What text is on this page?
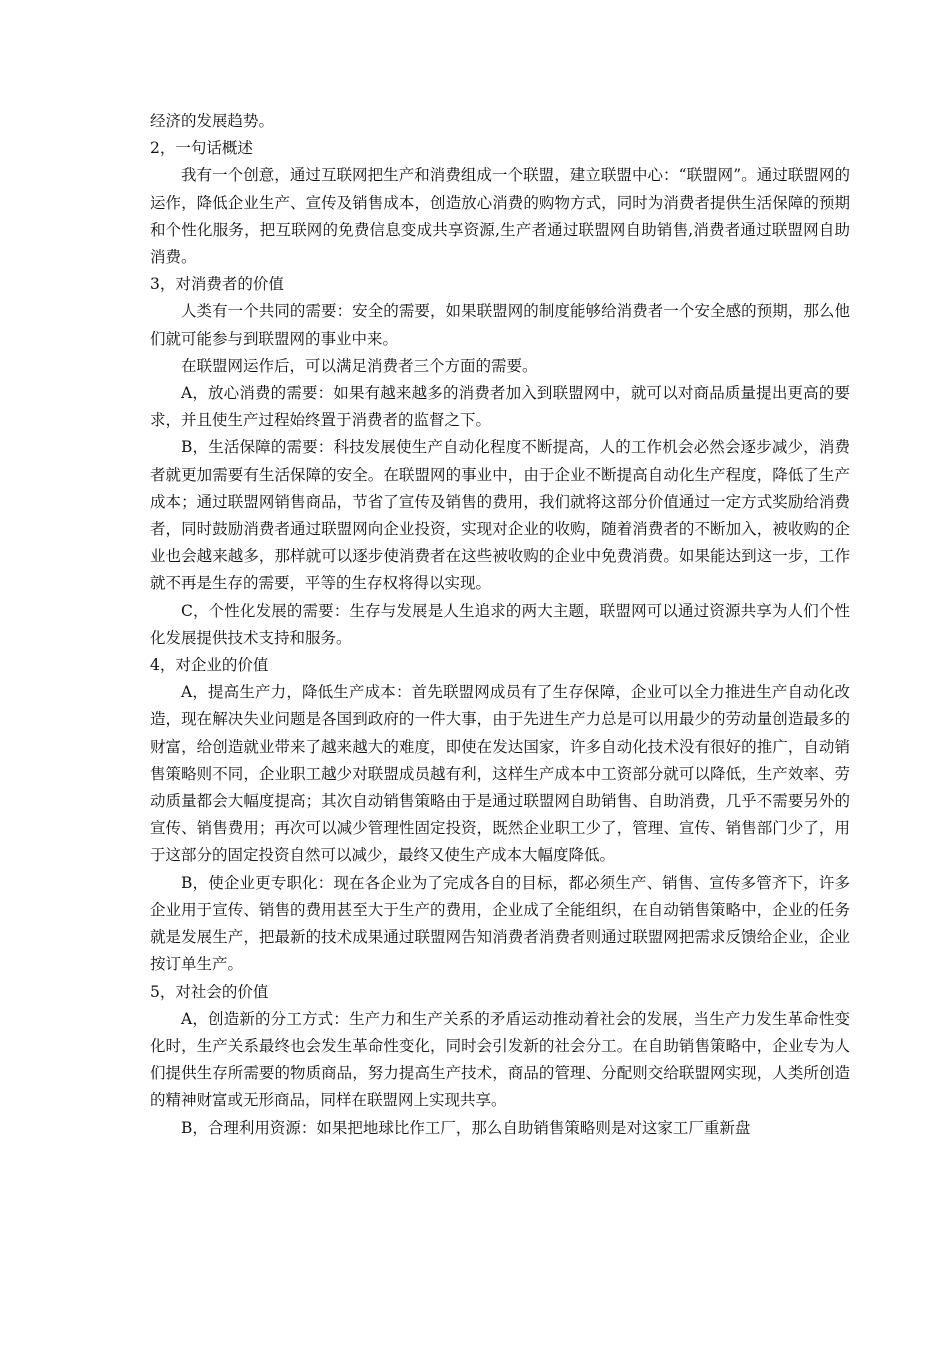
经济的发展趋势。

2，一句话概述

我有一个创意，通过互联网把生产和消费组成一个联盟，建立联盟中心：“联盟网”。通过联盟网的运作，降低企业生产、宣传及销售成本，创造放心消费的购物方式，同时为消费者提供生活保障的预期和个性化服务，把互联网的免费信息变成共享资源,生产者通过联盟网自助销售,消费者通过联盟网自助消费。

3，对消费者的价值

人类有一个共同的需要：安全的需要，如果联盟网的制度能够给消费者一个安全感的预期，那么他们就可能参与到联盟网的事业中来。

在联盟网运作后，可以满足消费者三个方面的需要。

A，放心消费的需要：如果有越来越多的消费者加入到联盟网中，就可以对商品质量提出更高的要求，并且使生产过程始终置于消费者的监督之下。

B，生活保障的需要：科技发展使生产自动化程度不断提高，人的工作机会必然会逐步减少，消费者就更加需要有生活保障的安全。在联盟网的事业中，由于企业不断提高自动化生产程度，降低了生产成本；通过联盟网销售商品，节省了宣传及销售的费用，我们就将这部分价值通过一定方式奖励给消费者，同时鼓励消费者通过联盟网向企业投资，实现对企业的收购，随着消费者的不断加入，被收购的企业也会越来越多，那样就可以逐步使消费者在这些被收购的企业中免费消费。如果能达到这一步，工作就不再是生存的需要，平等的生存权将得以实现。

C，个性化发展的需要：生存与发展是人生追求的两大主题，联盟网可以通过资源共享为人们个性化发展提供技术支持和服务。

4，对企业的价值

A，提高生产力，降低生产成本：首先联盟网成员有了生存保障，企业可以全力推进生产自动化改造，现在解决失业问题是各国到政府的一件大事，由于先进生产力总是可以用最少的劳动量创造最多的财富，给创造就业带来了越来越大的难度，即使在发达国家，许多自动化技术没有很好的推广，自动销售策略则不同，企业职工越少对联盟成员越有利，这样生产成本中工资部分就可以降低，生产效率、劳动质量都会大幅度提高；其次自动销售策略由于是通过联盟网自助销售、自助消费，几乎不需要另外的宣传、销售费用；再次可以减少管理性固定投资，既然企业职工少了，管理、宣传、销售部门少了，用于这部分的固定投资自然可以减少，最终又使生产成本大幅度降低。

B，使企业更专职化：现在各企业为了完成各自的目标，都必须生产、销售、宣传多管齐下，许多企业用于宣传、销售的费用甚至大于生产的费用，企业成了全能组织，在自动销售策略中，企业的任务就是发展生产，把最新的技术成果通过联盟网告知消费者消费者则通过联盟网把需求反馈给企业，企业按订单生产。

5，对社会的价值

A，创造新的分工方式：生产力和生产关系的矛盾运动推动着社会的发展，当生产力发生革命性变化时，生产关系最终也会发生革命性变化，同时会引发新的社会分工。在自助销售策略中，企业专为人们提供生存所需要的物质商品，努力提高生产技术，商品的管理、分配则交给联盟网实现，人类所创造的精神财富或无形商品，同样在联盟网上实现共享。

B，合理利用资源：如果把地球比作工厂，那么自助销售策略则是对这家工厂重新盘
